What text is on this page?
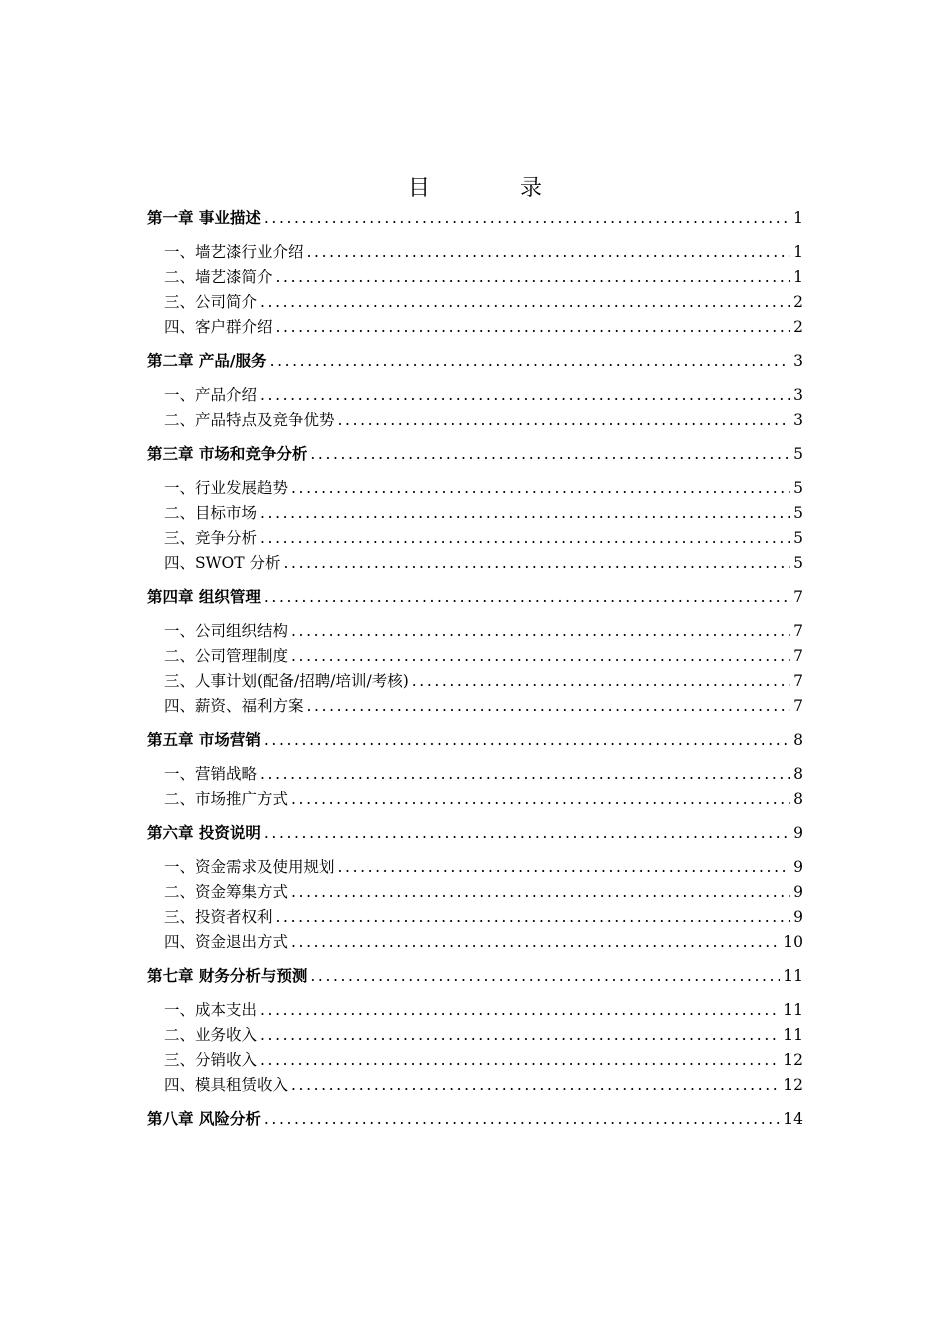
目　录
第一章 事业描述 .....	1
一、墙艺漆行业介绍 .....	1
二、墙艺漆简介 .....	1
三、公司简介 .....	2
四、客户群介绍 .....	2
第二章 产品/服务 .....	3
一、产品介绍 .....	3
二、产品特点及竞争优势 .....	3
第三章 市场和竞争分析 .....	5
一、行业发展趋势 .....	5
二、目标市场 .....	5
三、竞争分析 .....	5
四、SWOT 分析 .....	5
第四章 组织管理 .....	7
一、公司组织结构 .....	7
二、公司管理制度 .....	7
三、人事计划(配备/招聘/培训/考核) .....	7
四、薪资、福利方案 .....	7
第五章 市场营销 .....	8
一、营销战略 .....	8
二、市场推广方式 .....	8
第六章 投资说明 .....	9
一、资金需求及使用规划 .....	9
二、资金筹集方式 .....	9
三、投资者权利 .....	9
四、资金退出方式 .....	10
第七章 财务分析与预测 .....	11
一、成本支出 .....	11
二、业务收入 .....	11
三、分销收入 .....	12
四、模具租赁收入 .....	12
第八章 风险分析 .....	14
